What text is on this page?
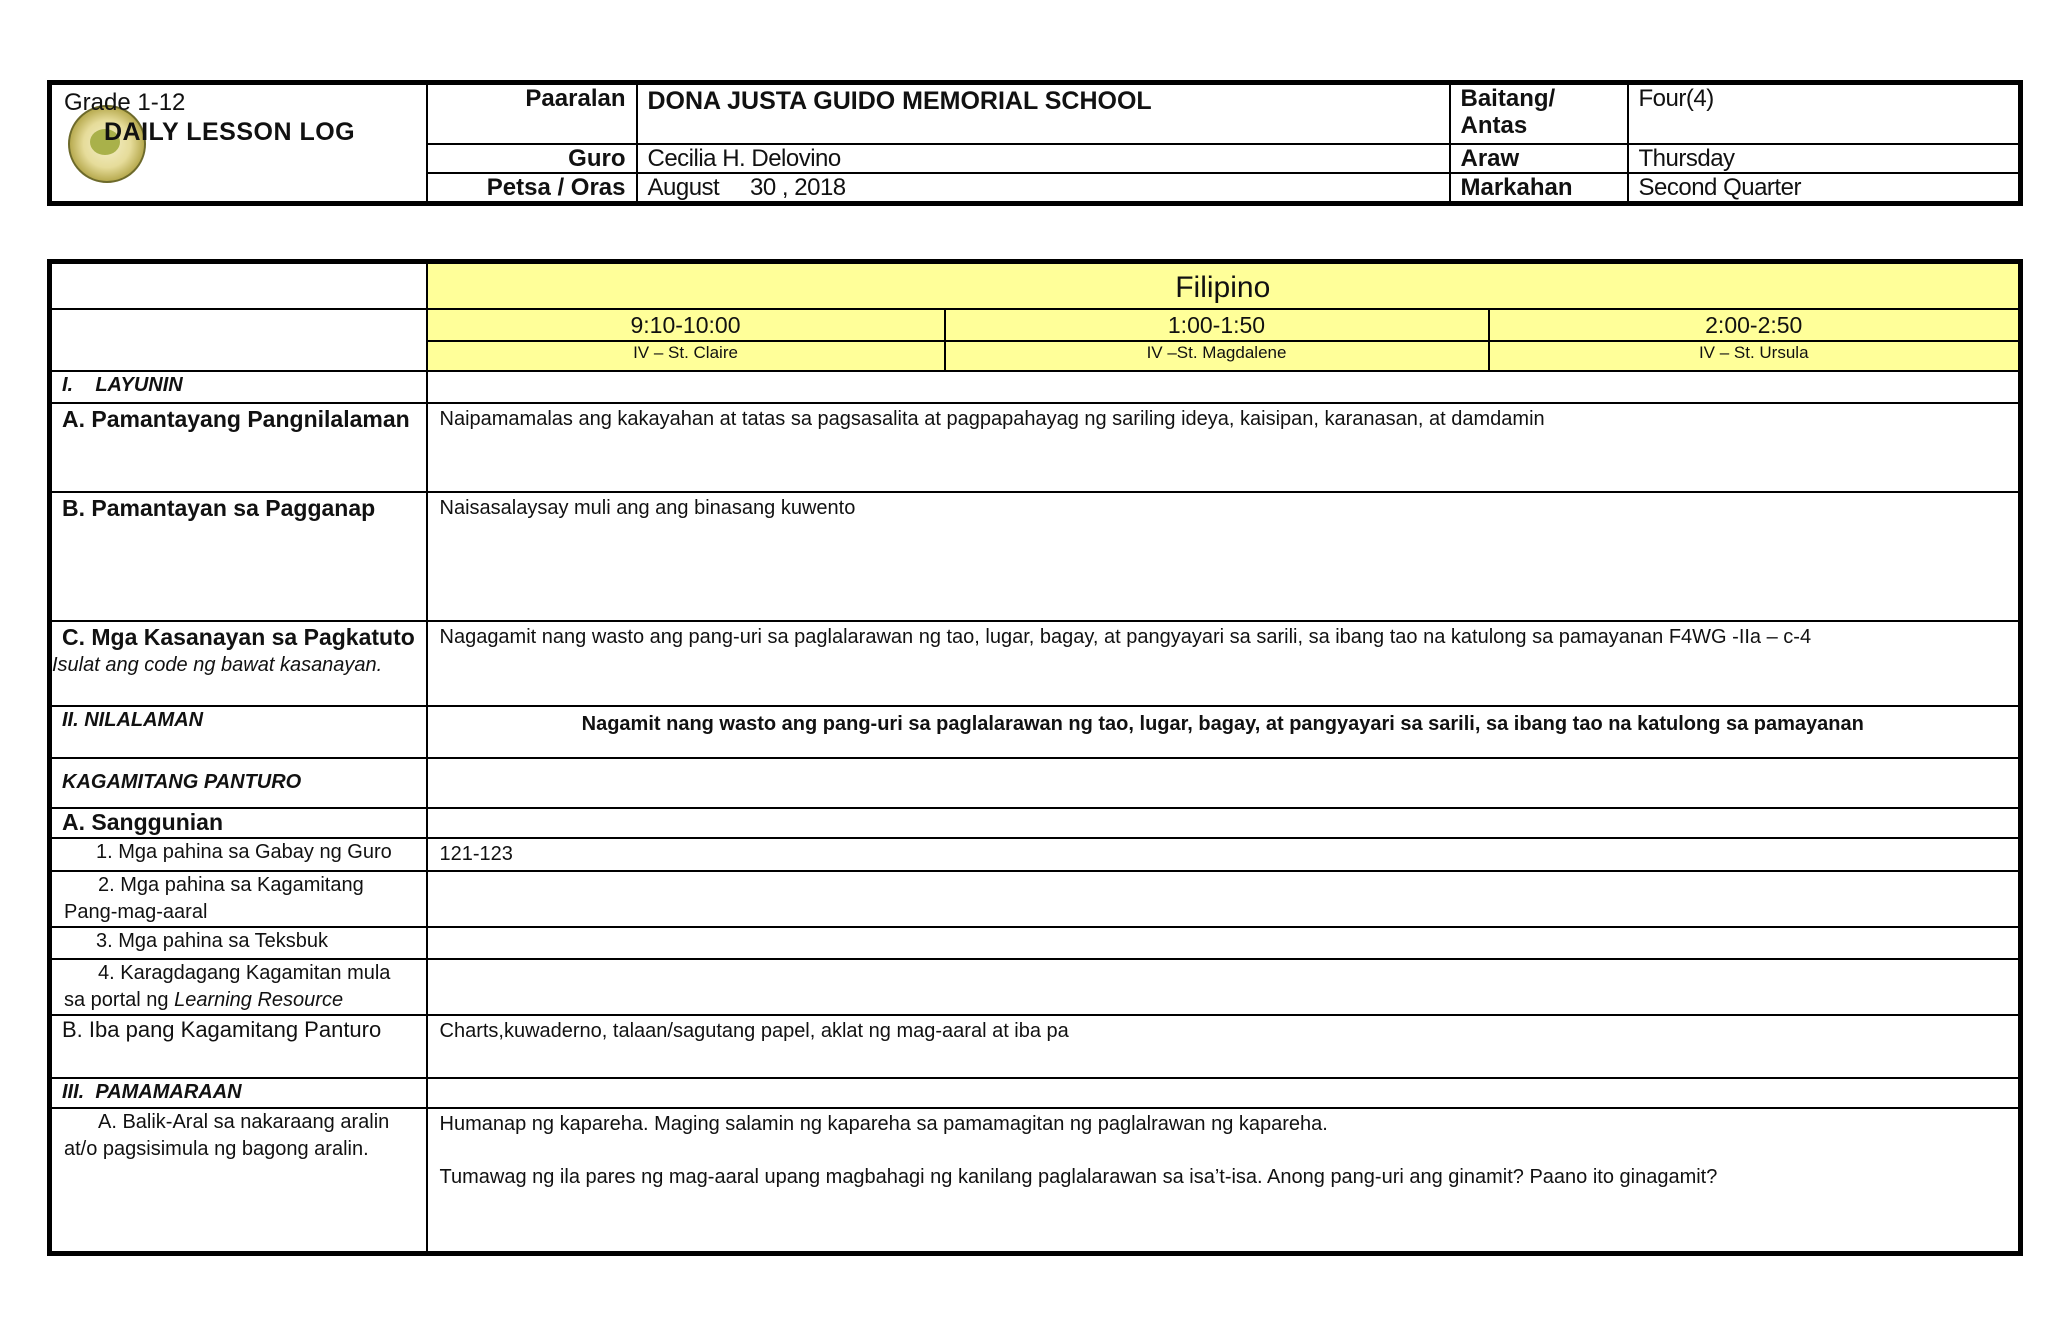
Grade 1-12
DAILY LESSON LOG	Paaralan	DONA JUSTA GUIDO MEMORIAL SCHOOL	Baitang/ Antas	Four(4)
	Guro	Cecilia H. Delovino	Araw	Thursday
	Petsa / Oras	August     30 , 2018	Markahan	Second Quarter
	Filipino		
	9:10-10:00	1:00-1:50	2:00-2:50
	IV – St. Claire	IV –St. Magdalene	IV – St. Ursula
I.    LAYUNIN			
A. Pamantayang Pangnilalaman	Naipamamalas ang kakayahan at tatas sa pagsasalita at pagpapahayag ng sariling ideya, kaisipan, karanasan, at damdamin		
B. Pamantayan sa Pagganap	Naisasalaysay muli ang ang binasang kuwento		

C. Mga Kasanayan sa Pagkatuto
Isulat ang code ng bawat kasanayan.	Nagagamit nang wasto ang pang-uri sa paglalarawan ng tao, lugar, bagay, at pangyayari sa sarili, sa ibang tao na katulong sa pamayanan F4WG -IIa – c-4		
II. NILALAMAN	Nagamit nang wasto ang pang-uri sa paglalarawan ng tao, lugar, bagay, at pangyayari sa sarili, sa ibang tao na katulong sa pamayanan		
KAGAMITANG PANTURO			
A. Sanggunian			
1. Mga pahina sa Gabay ng Guro	121-123		
2. Mga pahina sa Kagamitang Pang-mag-aaral			
3. Mga pahina sa Teksbuk			
4. Karagdagang Kagamitan mula sa portal ng Learning Resource			
B. Iba pang Kagamitang Panturo	Charts,kuwaderno, talaan/sagutang papel, aklat ng mag-aaral at iba pa		
III.  PAMAMARAAN			
A. Balik-Aral sa nakaraang aralin at/o pagsisimula ng bagong aralin.	Humanap ng kapareha. Maging salamin ng kapareha sa pamamagitan ng paglalrawan ng kapareha.
Tumawag ng ila pares ng mag-aaral upang magbahagi ng kanilang paglalarawan sa isa’t-isa. Anong pang-uri ang ginamit? Paano ito ginagamit?		
